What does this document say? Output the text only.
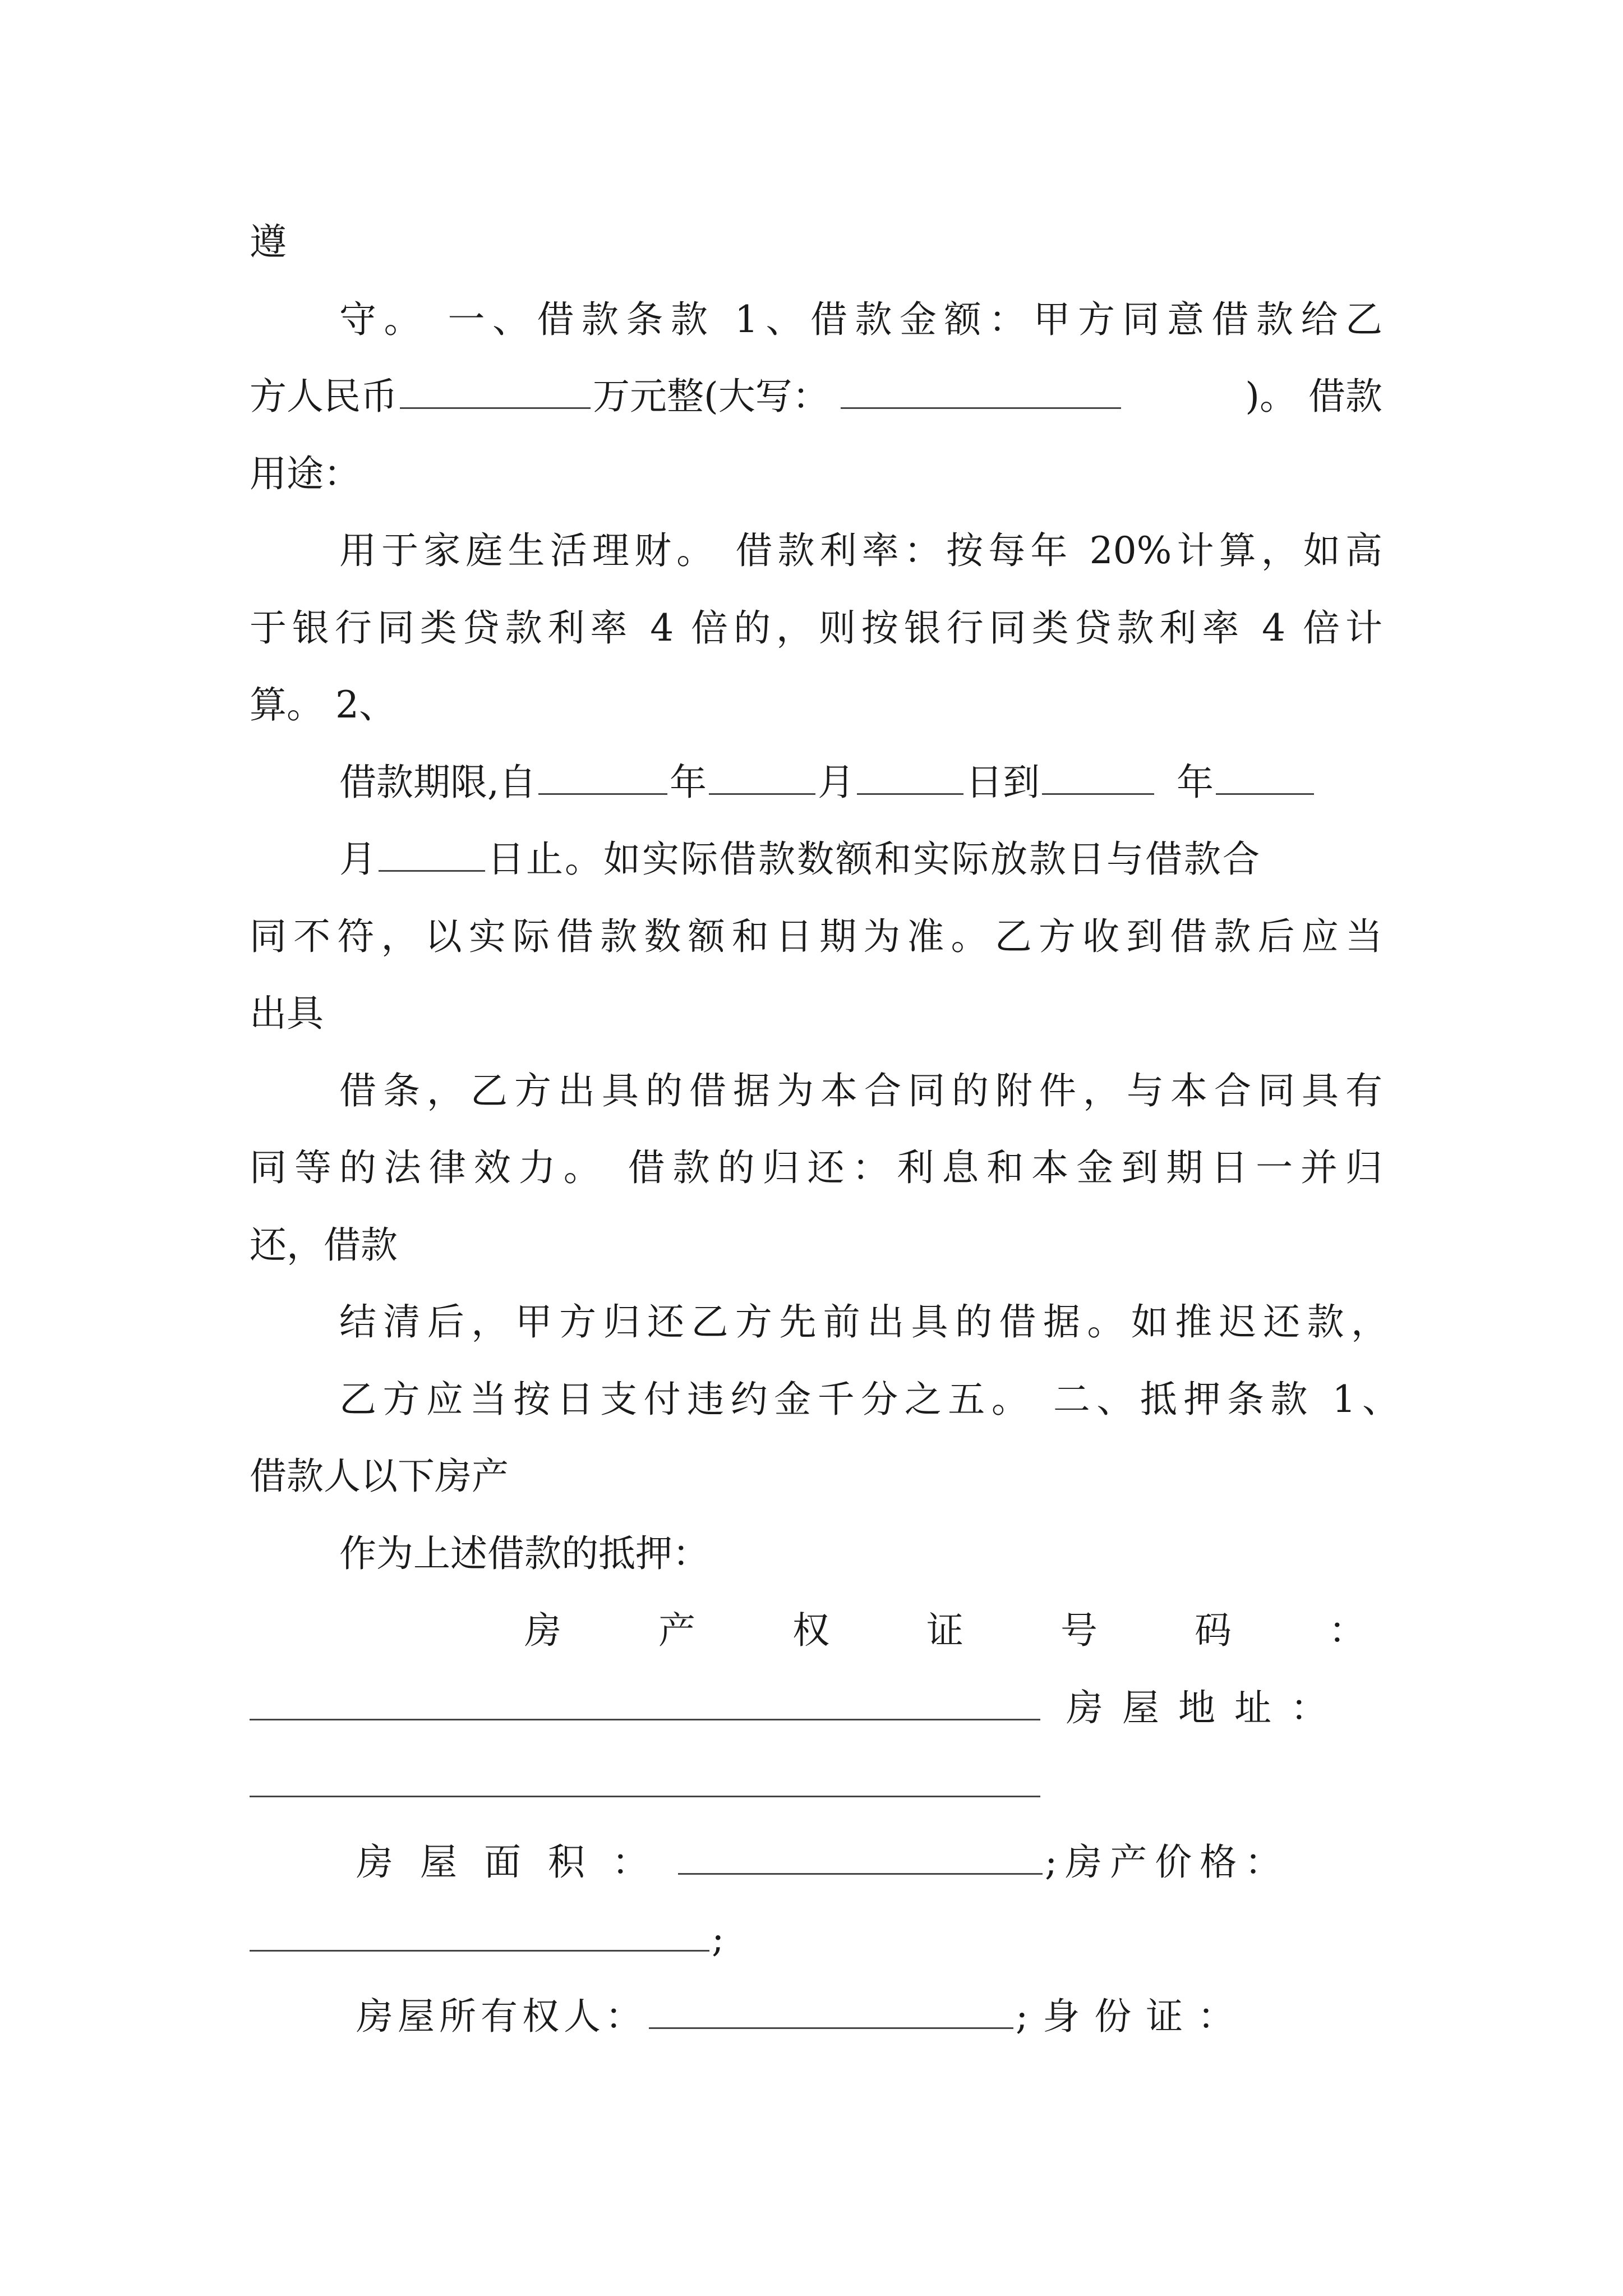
遵
守。 一、借款条款 1、借款金额：甲方同意借款给乙
方人民币	万元整(大写：	)。 借款
用途：
用于家庭生活理财。 借款利率：按每年 20%计算，如高
于银行同类贷款利率 4 倍的，则按银行同类贷款利率 4 倍计
算。 2、
借款期限,自	年	月	日到	年
月	日止。如实际借款数额和实际放款日与借款合
同不符，以实际借款数额和日期为准。乙方收到借款后应当
出具
借条，乙方出具的借据为本合同的附件，与本合同具有
同等的法律效力。 借款的归还：利息和本金到期日一并归
还，借款
结清后，甲方归还乙方先前出具的借据。如推迟还款，
乙方应当按日支付违约金千分之五。 二、抵押条款 1、
借款人以下房产
作为上述借款的抵押：
房产权证号码：
房屋地址：
房屋面积：	;房产价格：
;
房屋所有权人：	;身份证：
